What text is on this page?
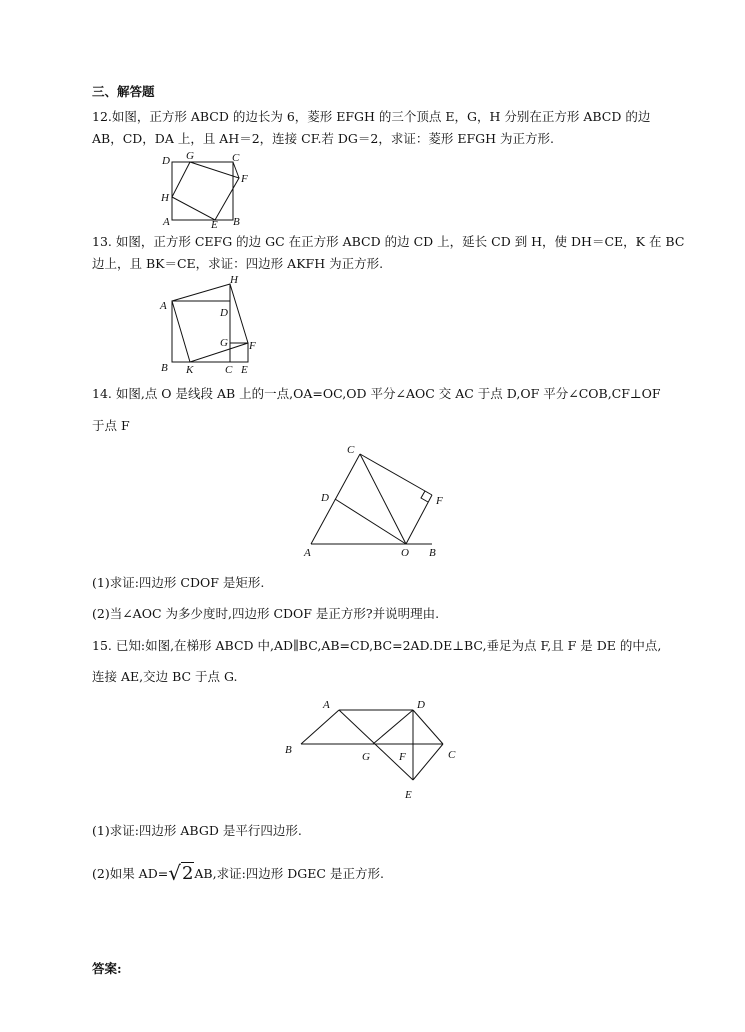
三、解答题
12.如图，正方形 ABCD 的边长为 6，菱形 EFGH 的三个顶点 E，G，H 分别在正方形 ABCD 的边
AB，CD，DA 上，且 AH＝2，连接 CF.若 DG＝2，求证：菱形 EFGH 为正方形.
D G	C
F
H
A	E B
13. 如图，正方形 CEFG 的边 GC 在正方形 ABCD 的边 CD 上，延长 CD 到 H，使 DH＝CE，K 在 BC
边上，且 BK＝CE，求证：四边形 AKFH 为正方形.
H
A
D
G F
B K	C E
14. 如图,点 O 是线段 AB 上的一点,OA=OC,OD 平分∠AOC 交 AC 于点 D,OF 平分∠COB,CF⊥OF
于点 F
C
D	F
A	O B
(1)求证:四边形 CDOF 是矩形.
(2)当∠AOC 为多少度时,四边形 CDOF 是正方形?并说明理由.
15. 已知:如图,在梯形 ABCD 中,AD∥BC,AB=CD,BC=2AD.DE⊥BC,垂足为点 F,且 F 是 DE 的中点,
连接 AE,交边 BC 于点 G.
A	D
B
G	F	C
E
(1)求证:四边形 ABGD 是平行四边形.
(2)如果 AD=√2AB,求证:四边形 DGEC 是正方形.
答案:
